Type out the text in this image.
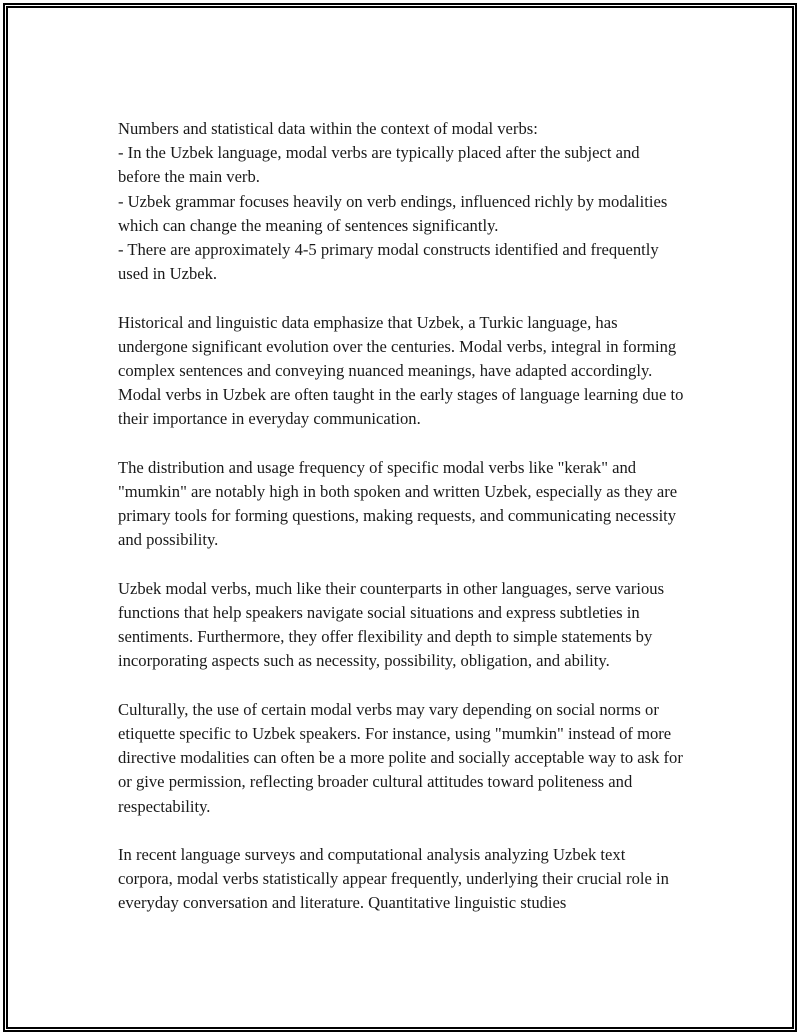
Numbers and statistical data within the context of modal verbs:

- In the Uzbek language, modal verbs are typically placed after the subject and before the main verb.

- Uzbek grammar focuses heavily on verb endings, influenced richly by modalities which can change the meaning of sentences significantly.

- There are approximately 4-5 primary modal constructs identified and frequently used in Uzbek.

Historical and linguistic data emphasize that Uzbek, a Turkic language, has undergone significant evolution over the centuries. Modal verbs, integral in forming complex sentences and conveying nuanced meanings, have adapted accordingly. Modal verbs in Uzbek are often taught in the early stages of language learning due to their importance in everyday communication.

The distribution and usage frequency of specific modal verbs like "kerak" and "mumkin" are notably high in both spoken and written Uzbek, especially as they are primary tools for forming questions, making requests, and communicating necessity and possibility.

Uzbek modal verbs, much like their counterparts in other languages, serve various functions that help speakers navigate social situations and express subtleties in sentiments. Furthermore, they offer flexibility and depth to simple statements by incorporating aspects such as necessity, possibility, obligation, and ability.

Culturally, the use of certain modal verbs may vary depending on social norms or etiquette specific to Uzbek speakers. For instance, using "mumkin" instead of more directive modalities can often be a more polite and socially acceptable way to ask for or give permission, reflecting broader cultural attitudes toward politeness and respectability.

In recent language surveys and computational analysis analyzing Uzbek text corpora, modal verbs statistically appear frequently, underlying their crucial role in everyday conversation and literature. Quantitative linguistic studies
